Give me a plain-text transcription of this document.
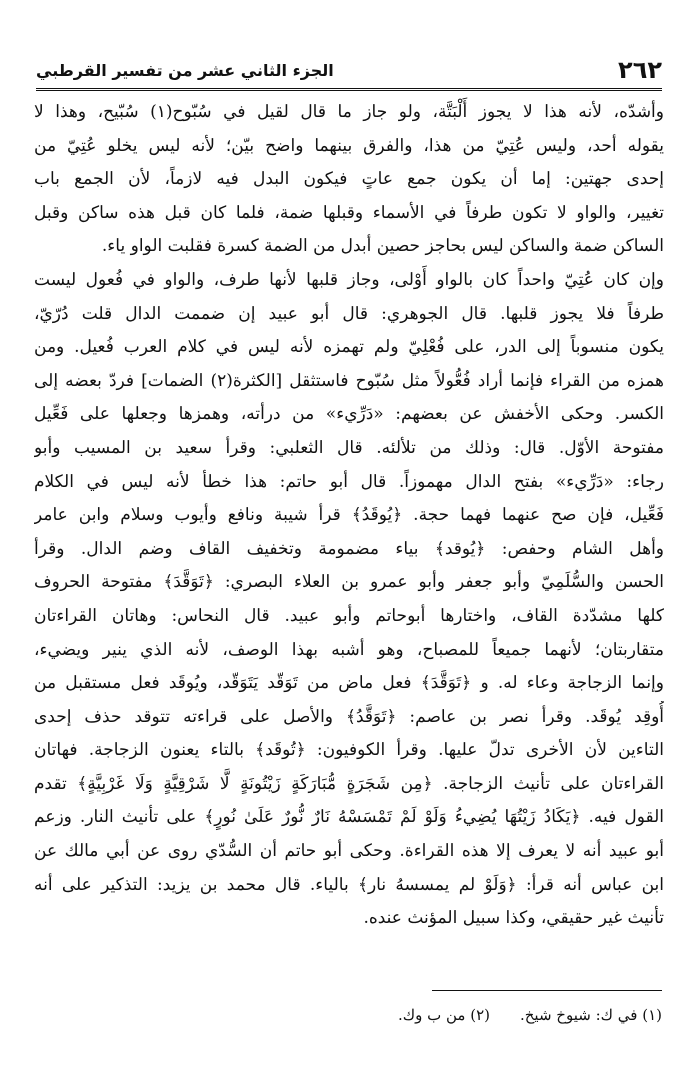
٢٦٢
الجزء الثاني عشر من تفسير القرطبي
وأشدّه، لأنه هذا لا يجوز أَلْبَتَّة، ولو جاز ما قال لقيل في سُبّوح(١) سُبّيح، وهذا لا
يقوله أحد، وليس عُتِيّ من هذا، والفرق بينهما واضح بيّن؛ لأنه ليس يخلو عُتِيّ من
إحدى جهتين: إما أن يكون جمع عاتٍ فيكون البدل فيه لازماً، لأن الجمع باب
تغيير، والواو لا تكون طرفاً في الأسماء وقبلها ضمة، فلما كان قبل هذه ساكن وقبل
الساكن ضمة والساكن ليس بحاجز حصين أبدل من الضمة كسرة فقلبت الواو ياء.
وإن كان عُتِيّ واحداً كان بالواو أَوْلى، وجاز قلبها لأنها طرف، والواو في فُعول ليست
طرفاً فلا يجوز قلبها. قال الجوهري: قال أبو عبيد إن ضممت الدال قلت دُرّيّ،
يكون منسوباً إلى الدر، على فُعْلِيّ ولم تهمزه لأنه ليس في كلام العرب فُعيل. ومن
همزه من القراء فإنما أراد فُعُّولاً مثل سُبّوح فاستثقل [الكثرة(٢) الضمات] فردّ بعضه إلى
الكسر. وحكى الأخفش عن بعضهم: «دَرِّيء» من درأته، وهمزها وجعلها على فَعِّيل
مفتوحة الأوّل. قال: وذلك من تلألئه. قال الثعلبي: وقرأ سعيد بن المسيب وأبو
رجاء: «دَرِّيء» بفتح الدال مهموزاً. قال أبو حاتم: هذا خطأ لأنه ليس في الكلام
فَعِّيل، فإن صح عنهما فهما حجة. ﴿يُوقَدُ﴾ قرأ شيبة ونافع وأيوب وسلام وابن عامر
وأهل الشام وحفص: ﴿يُوقد﴾ بياء مضمومة وتخفيف القاف وضم الدال. وقرأ
الحسن والسُّلَمِيّ وأبو جعفر وأبو عمرو بن العلاء البصري: ﴿تَوَقَّدَ﴾ مفتوحة الحروف
كلها مشدّدة القاف، واختارها أبوحاتم وأبو عبيد. قال النحاس: وهاتان القراءتان
متقاربتان؛ لأنهما جميعاً للمصباح، وهو أشبه بهذا الوصف، لأنه الذي ينير ويضيء،
وإنما الزجاجة وعاء له. و ﴿تَوَقَّدَ﴾ فعل ماض من تَوَقّد يَتَوَقّد، ويُوقَد فعل مستقبل من
أُوقِد يُوقَد. وقرأ نصر بن عاصم: ﴿تَوَقَّدُ﴾ والأصل على قراءته تتوقد حذف إحدى
التاءين لأن الأخرى تدلّ عليها. وقرأ الكوفيون: ﴿تُوقَد﴾ بالتاء يعنون الزجاجة. فهاتان
القراءتان على تأنيث الزجاجة. ﴿مِن شَجَرَةٍ مُّبَارَكَةٍ زَيْتُونَةٍ لَّا شَرْقِيَّةٍ وَلَا غَرْبِيَّةٍ﴾ تقدم
القول فيه. ﴿يَكَادُ زَيْتُهَا يُضِيءُ وَلَوْ لَمْ تَمْسَسْهُ نَارٌ نُّورٌ عَلَىٰ نُورٍ﴾ على تأنيث النار. وزعم
أبو عبيد أنه لا يعرف إلا هذه القراءة. وحكى أبو حاتم أن السُّدّي روى عن أبي مالك عن
ابن عباس أنه قرأ: ﴿وَلَوْ لم يمسسهُ نار﴾ بالياء. قال محمد بن يزيد: التذكير على أنه
تأنيث غير حقيقي، وكذا سبيل المؤنث عنده.
(١) في ك: شيوخ شيخ.
(٢) من ب وك.
